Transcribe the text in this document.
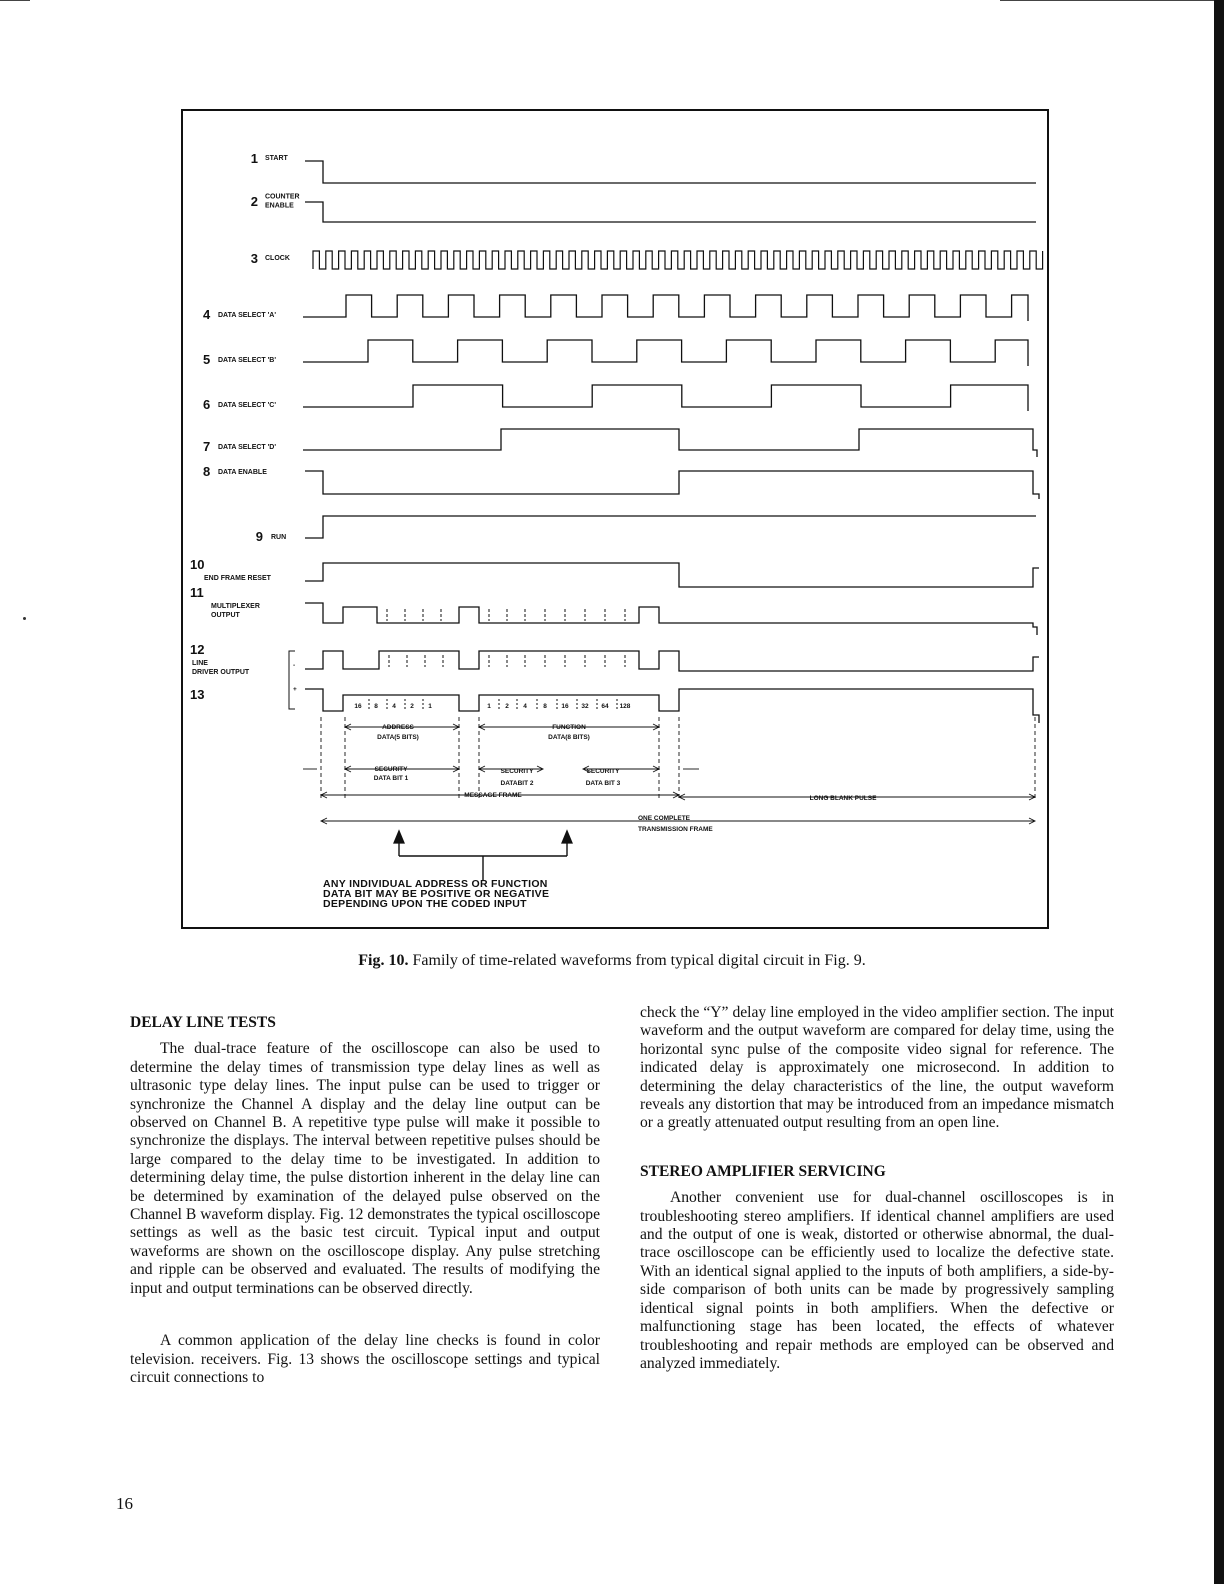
1 START
2 COUNTER
ENABLE
3 CLOCK
4 DATA SELECT 'A'
5 DATA SELECT 'B'
6 DATA SELECT 'C'
7 DATA SELECT 'D'
8 DATA ENABLE
9 RUN
10
END FRAME RESET
11
MULTIPLEXER
OUTPUT
12
LINE
DRIVER OUTPUT
13
-
+
16 8 4 2 1	1 2 4	8 16 32 64 128
ADDRESS
DATA(5 BITS)
FUNCTION
DATA(8 BITS)
SECURITY
DATA BIT 1
SECURITY
DATABIT 2
SECURITY
DATA BIT 3
MESSAGE FRAME	LONG BLANK PULSE
ONE COMPLETE
TRANSMISSION FRAME
ANY INDIVIDUAL ADDRESS OR FUNCTION
DATA BIT MAY BE POSITIVE OR NEGATIVE
DEPENDING UPON THE CODED INPUT
Fig. 10. Family of time-related waveforms from typical digital circuit in Fig. 9.
DELAY LINE TESTS

The dual-trace feature of the oscilloscope can also be used to determine the delay times of transmission type delay lines as well as ultrasonic type delay lines. The input pulse can be used to trigger or synchronize the Channel A display and the delay line output can be observed on Channel B. A repetitive type pulse will make it possible to synchronize the displays. The interval between repetitive pulses should be large compared to the delay time to be investigated. In addition to determining delay time, the pulse distortion inherent in the delay line can be determined by examination of the delayed pulse observed on the Channel B waveform display. Fig. 12 demonstrates the typical oscilloscope settings as well as the basic test circuit. Typical input and output waveforms are shown on the oscilloscope display. Any pulse stretching and ripple can be observed and evaluated. The results of modifying the input and output terminations can be observed directly.

A common application of the delay line checks is found in color television. receivers. Fig. 13 shows the oscilloscope settings and typical circuit connections to

check the “Y” delay line employed in the video amplifier section. The input waveform and the output waveform are compared for delay time, using the horizontal sync pulse of the composite video signal for reference. The indicated delay is approximately one microsecond. In addition to determining the delay characteristics of the line, the output waveform reveals any distortion that may be introduced from an impedance mismatch or a greatly attenuated output resulting from an open line.

STEREO AMPLIFIER SERVICING

Another convenient use for dual-channel oscilloscopes is in troubleshooting stereo amplifiers. If identical channel amplifiers are used and the output of one is weak, distorted or otherwise abnormal, the dual-trace oscilloscope can be efficiently used to localize the defective state. With an identical signal applied to the inputs of both amplifiers, a side-by-side comparison of both units can be made by progressively sampling identical signal points in both amplifiers. When the defective or malfunctioning stage has been located, the effects of whatever troubleshooting and repair methods are employed can be observed and analyzed immediately.

16
